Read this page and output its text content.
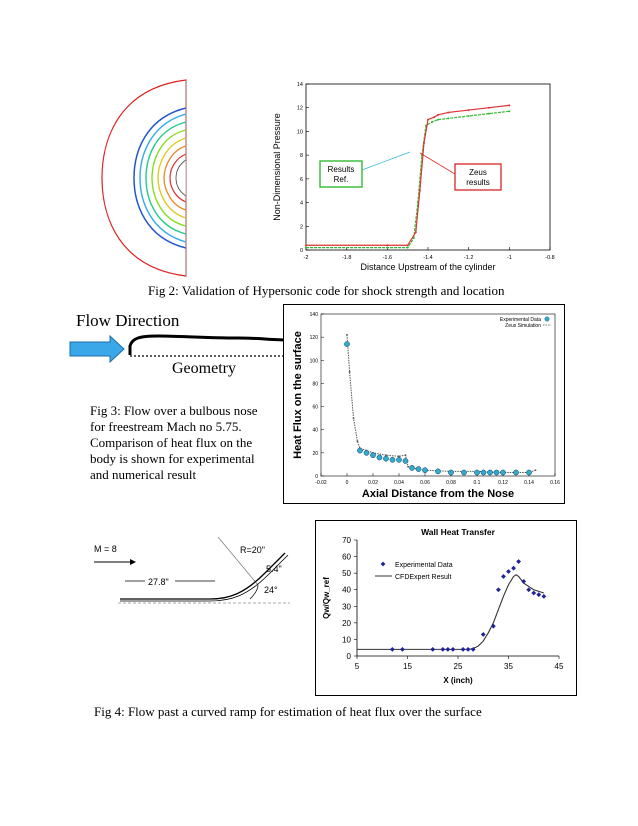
-2	-1.8	-1.6	-1.4	-1.2	-1	-0.8
0
2
4
6
8
10
12
14
Distance Upstream of the cylinder
Non-Dimensional Pressure	Results
Ref.
Zeus
results
Fig 2: Validation of Hypersonic code for shock strength and location
Flow Direction
Geometry
Fig 3: Flow over a bulbous nose
for freestream Mach no 5.75.
Comparison of heat flux on the
body is shown for experimental
and numerical result
-0.02	0	0.02	0.04	0.06	0.08	0.1	0.12	0.14	0.16
0
20
40
60
80
100
120
140
Axial Distance from the Nose
Heat Flux on the surface
Experimental Data
Zeus Simulation
M = 8	R=20"
5.4"
27.8"
24°
Wall Heat Transfer
5	15	25	35	45
0
10
20
30
40
50
60
70
X (inch)
Qw/Qw_ref
Experimental Data
CFDExpert Result
Fig 4: Flow past a curved ramp for estimation of heat flux over the surface
